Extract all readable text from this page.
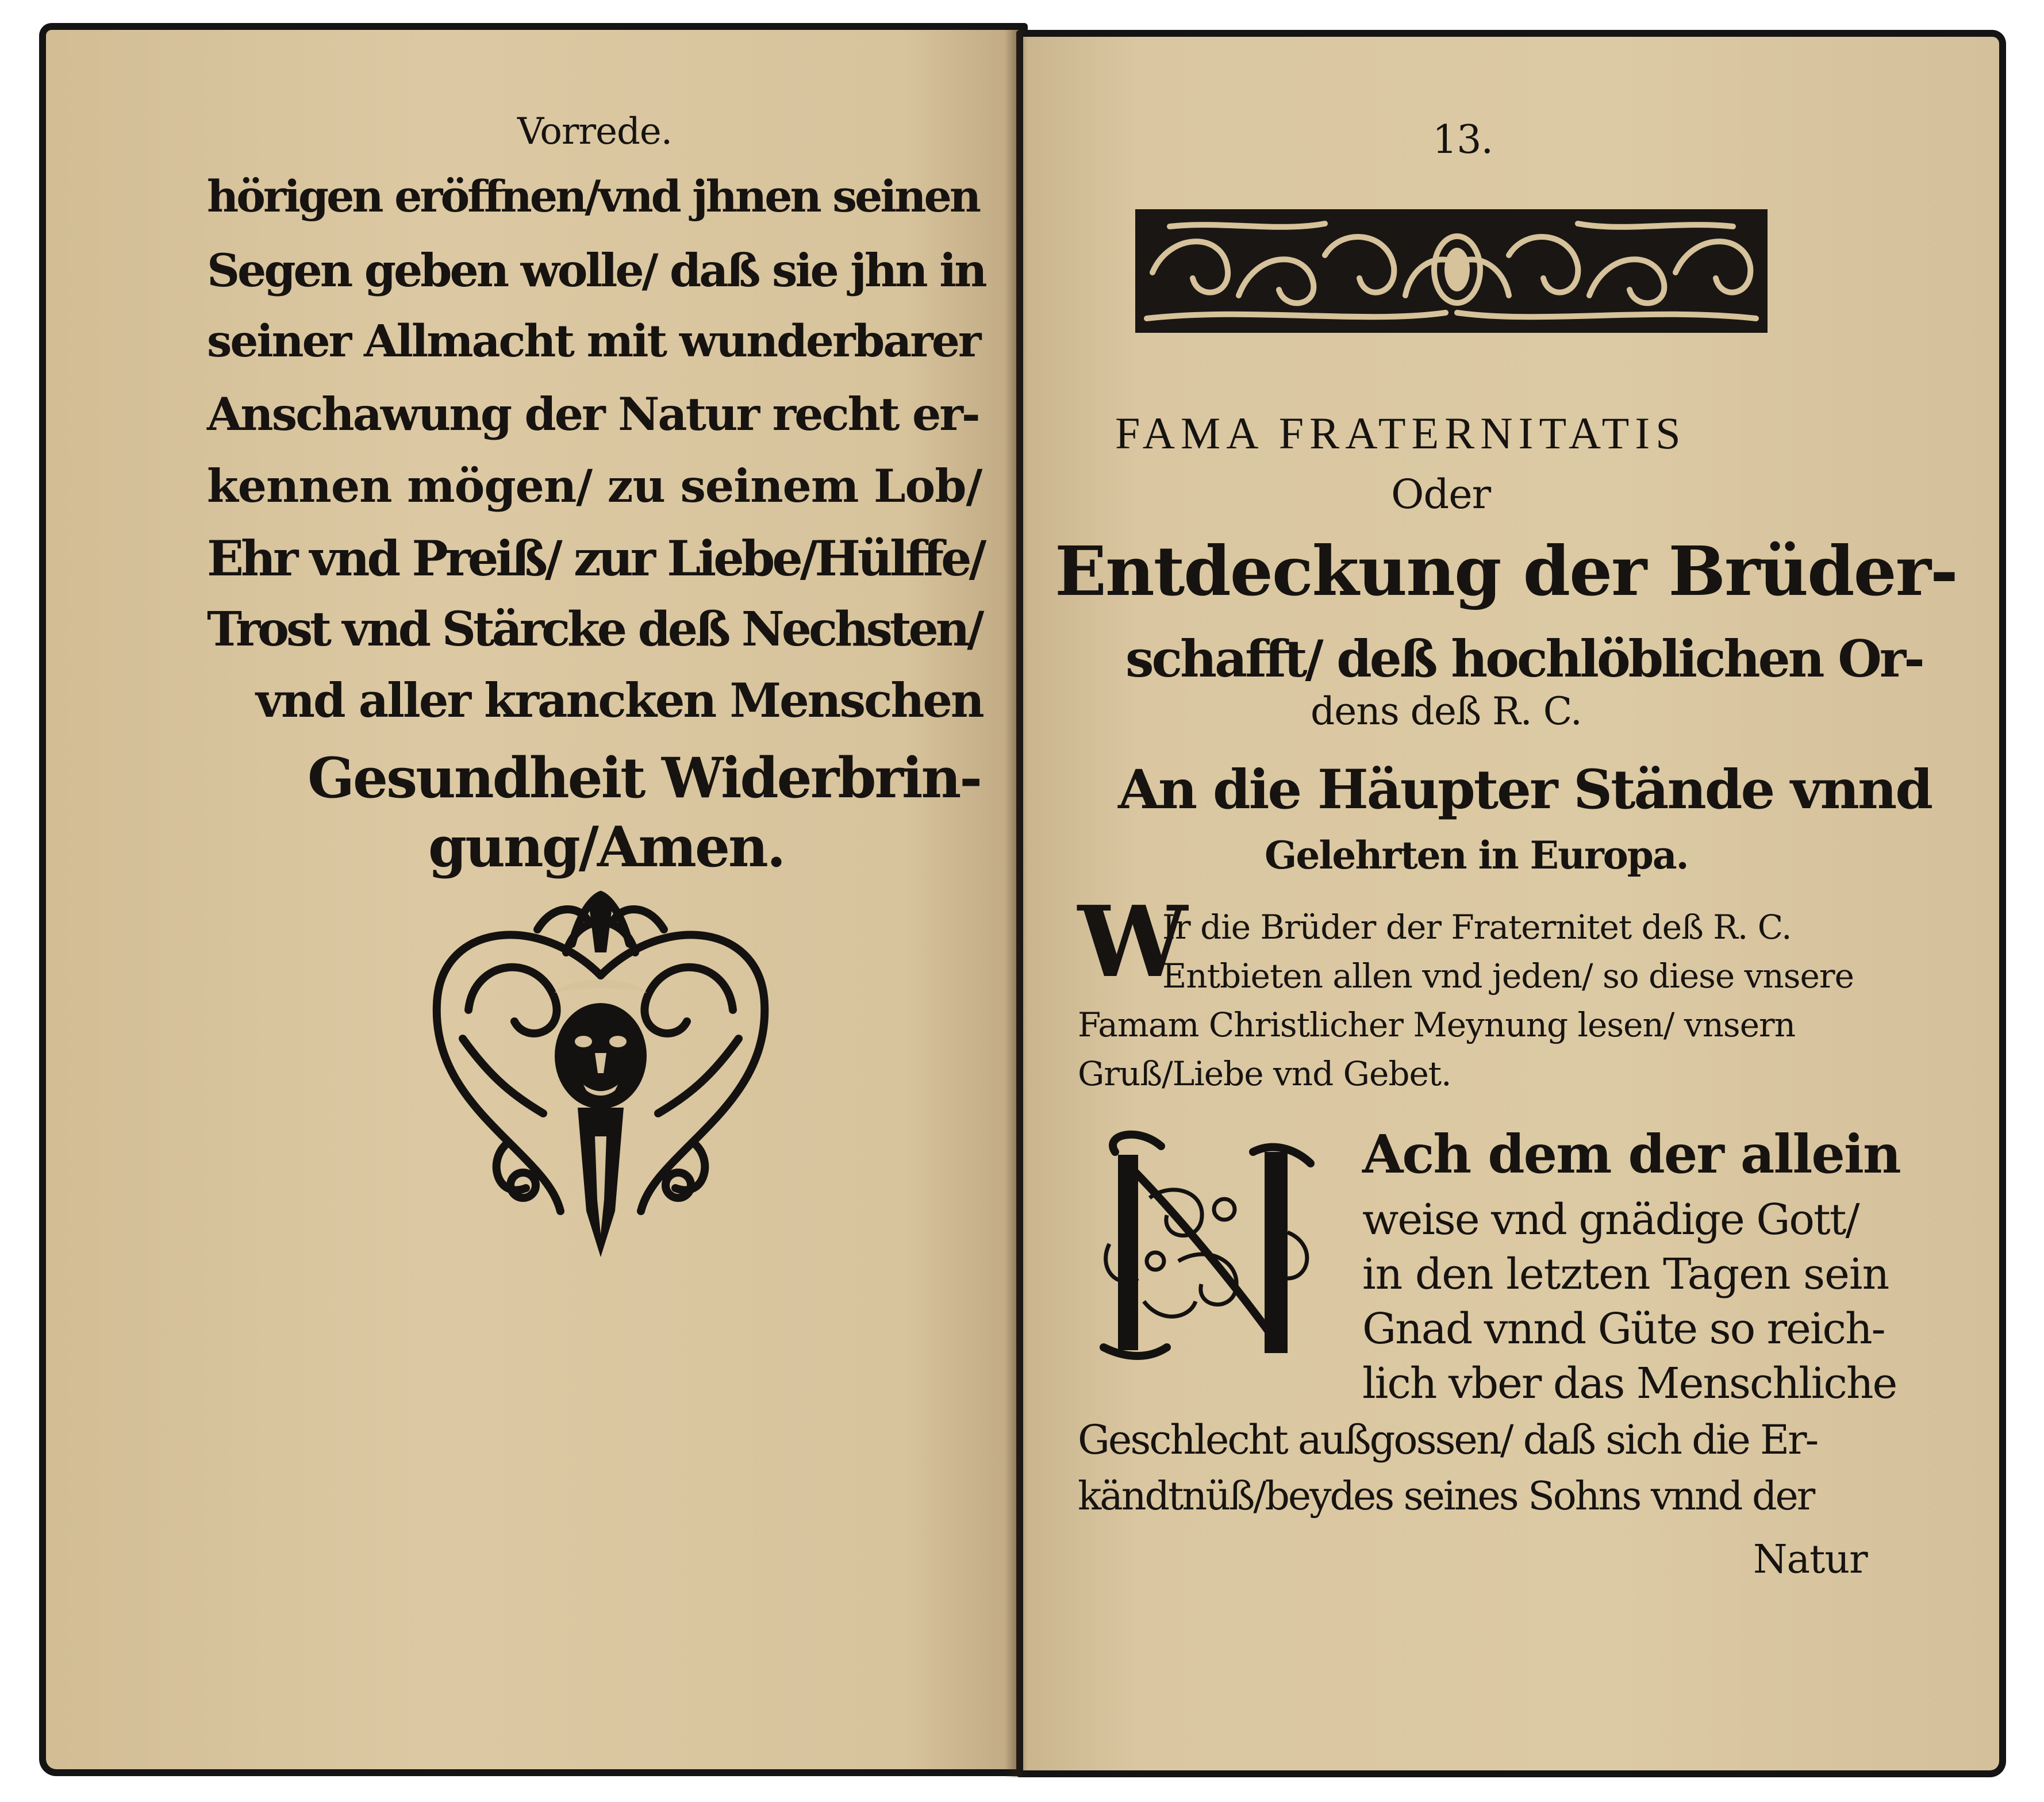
Vorrede.
hörigen eröffnen/vnd jhnen seinen
Segen geben wolle/ daß sie jhn in
seiner Allmacht mit wunderbarer
Anschawung der Natur recht er-
kennen mögen/ zu seinem Lob/
Ehr vnd Preiß/ zur Liebe/Hülffe/
Trost vnd Stärcke deß Nechsten/
vnd aller krancken Menschen
Gesundheit Widerbrin-
gung/Amen.
13.
FAMA FRATERNITATIS
Oder
Entdeckung der Brüder-
schafft/ deß hochlöblichen Or-
dens deß R. C.
An die Häupter Stände vnnd
Gelehrten in Europa.
W
Ir die Brüder der Fraternitet deß R. C.
Entbieten allen vnd jeden/ so diese vnsere
Famam Christlicher Meynung lesen/ vnsern
Gruß/Liebe vnd Gebet.
Ach dem der allein
weise vnd gnädige Gott/
in den letzten Tagen sein
Gnad vnnd Güte so reich-
lich vber das Menschliche
Geschlecht außgossen/ daß sich die Er-
kändtnüß/beydes seines Sohns vnnd der
Natur
